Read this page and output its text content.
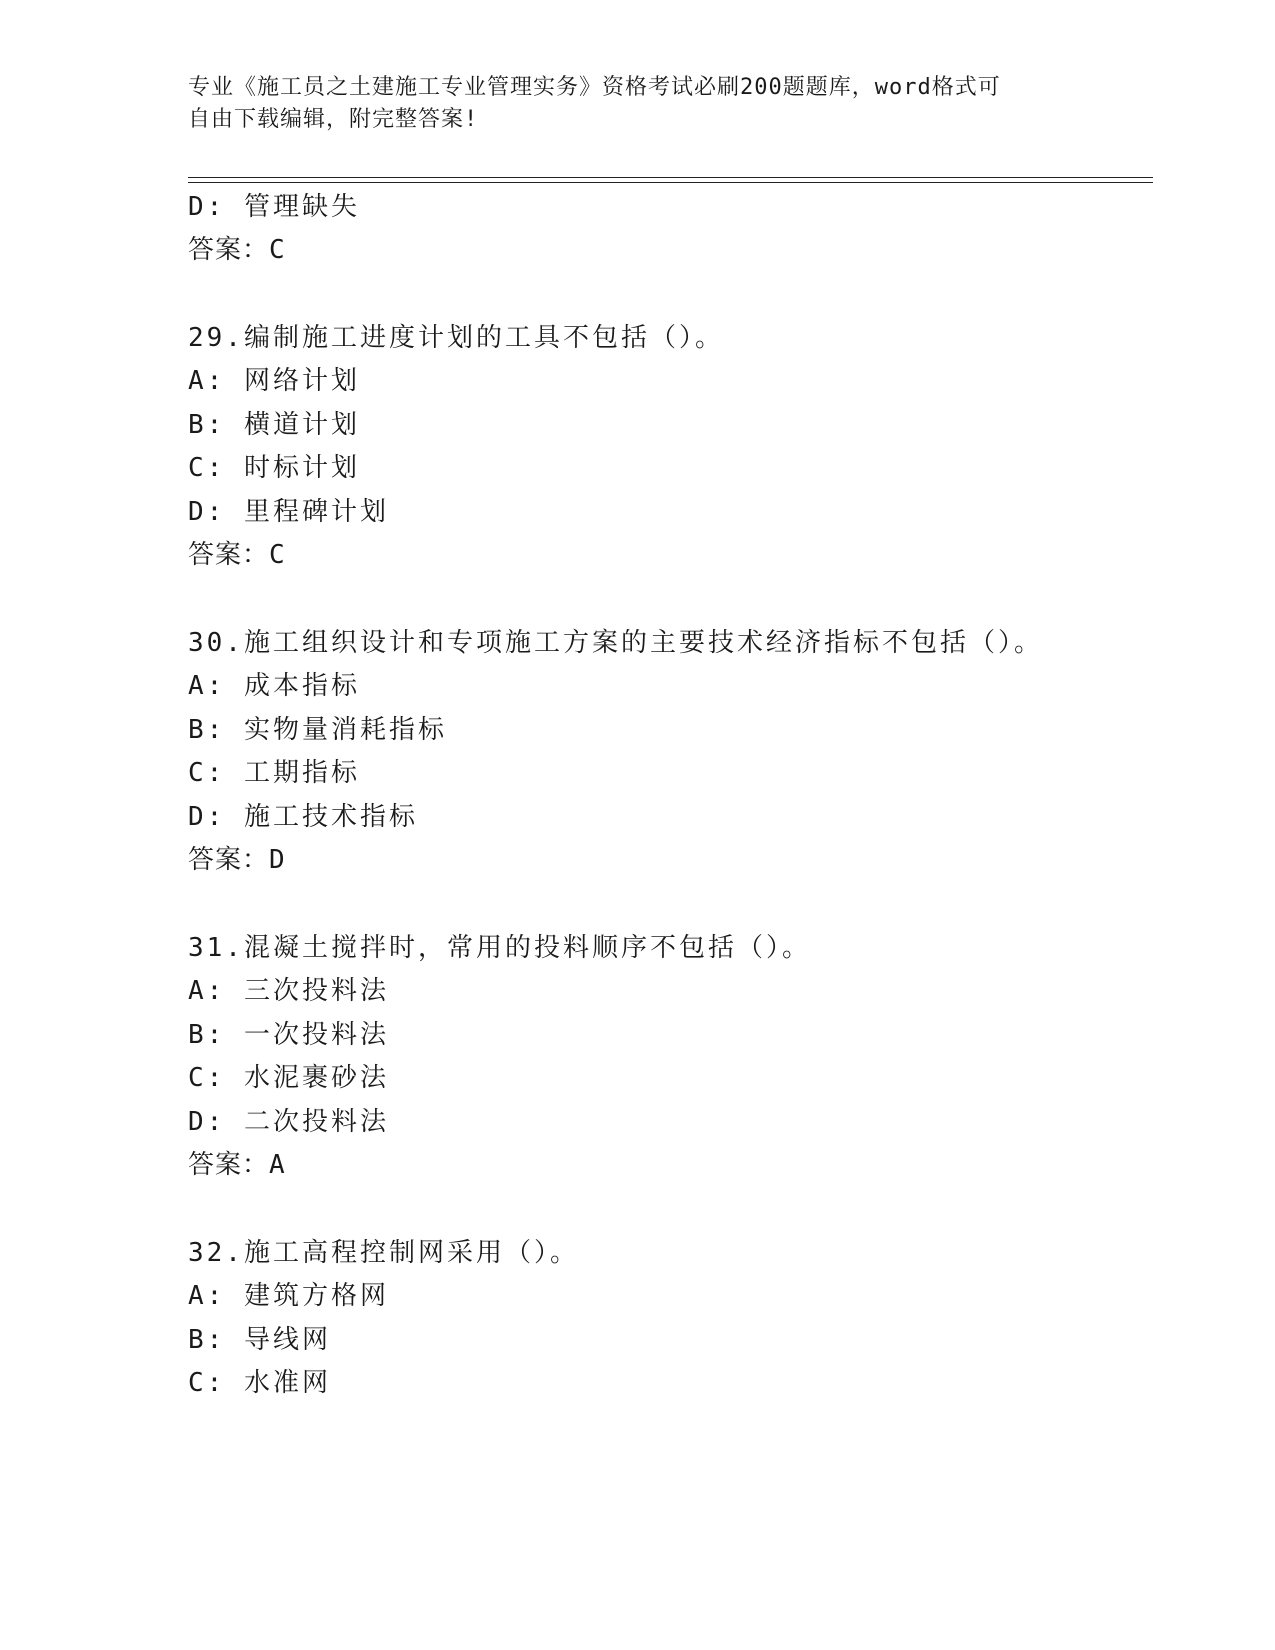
专业《施工员之土建施工专业管理实务》资格考试必刷200题题库，word格式可
自由下载编辑，附完整答案!
D: 管理缺失
答案：C
29.编制施工进度计划的工具不包括（）。
A: 网络计划
B: 横道计划
C: 时标计划
D: 里程碑计划
答案：C
30.施工组织设计和专项施工方案的主要技术经济指标不包括（）。
A: 成本指标
B: 实物量消耗指标
C: 工期指标
D: 施工技术指标
答案：D
31.混凝土搅拌时，常用的投料顺序不包括（）。
A: 三次投料法
B: 一次投料法
C: 水泥裹砂法
D: 二次投料法
答案：A
32.施工高程控制网采用（）。
A: 建筑方格网
B: 导线网
C: 水准网
